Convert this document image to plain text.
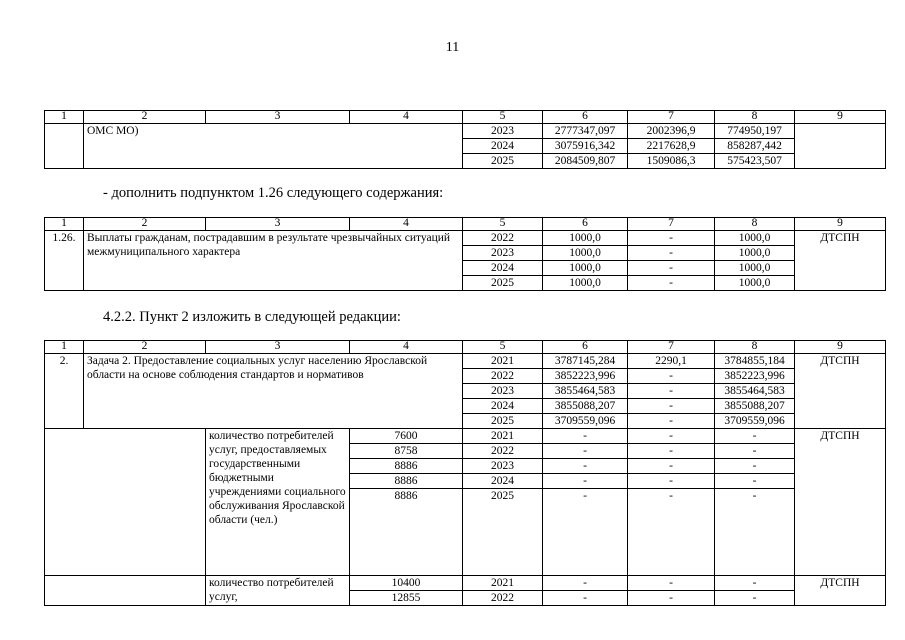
11
1	2	3	4	5	6	7	8	9
	ОМС МО)			2023	2777347,097	2002396,9	774950,197	
				2024	3075916,342	2217628,9	858287,442	
				2025	2084509,807	1509086,3	575423,507	
- дополнить подпунктом 1.26 следующего содержания:
1	2	3	4	5	6	7	8	9
1.26.	Выплаты гражданам, пострадавшим в результате чрезвычайных ситуаций межмуниципального характера			2022	1000,0	-	1000,0	ДТСПН
				2023	1000,0	-	1000,0	
				2024	1000,0	-	1000,0	
				2025	1000,0	-	1000,0	
4.2.2. Пункт 2 изложить в следующей редакции:
1	2	3	4	5	6	7	8	9
2.	Задача 2. Предоставление социальных услуг населению Ярославской области на основе соблюдения стандартов и нормативов			2021	3787145,284	2290,1	3784855,184	ДТСПН
				2022	3852223,996	-	3852223,996	
				2023	3855464,583	-	3855464,583	
				2024	3855088,207	-	3855088,207	
				2025	3709559,096	-	3709559,096	
		количество потребителей услуг, предоставляемых государственными бюджетными учреждениями социального обслуживания Ярославской области (чел.)	7600	2021	-	-	-	ДТСПН
			8758	2022	-	-	-	
			8886	2023	-	-	-	
			8886	2024	-	-	-	
			8886	2025	-	-	-	
		количество потребителей услуг,	10400	2021	-	-	-	ДТСПН
			12855	2022	-	-	-	
